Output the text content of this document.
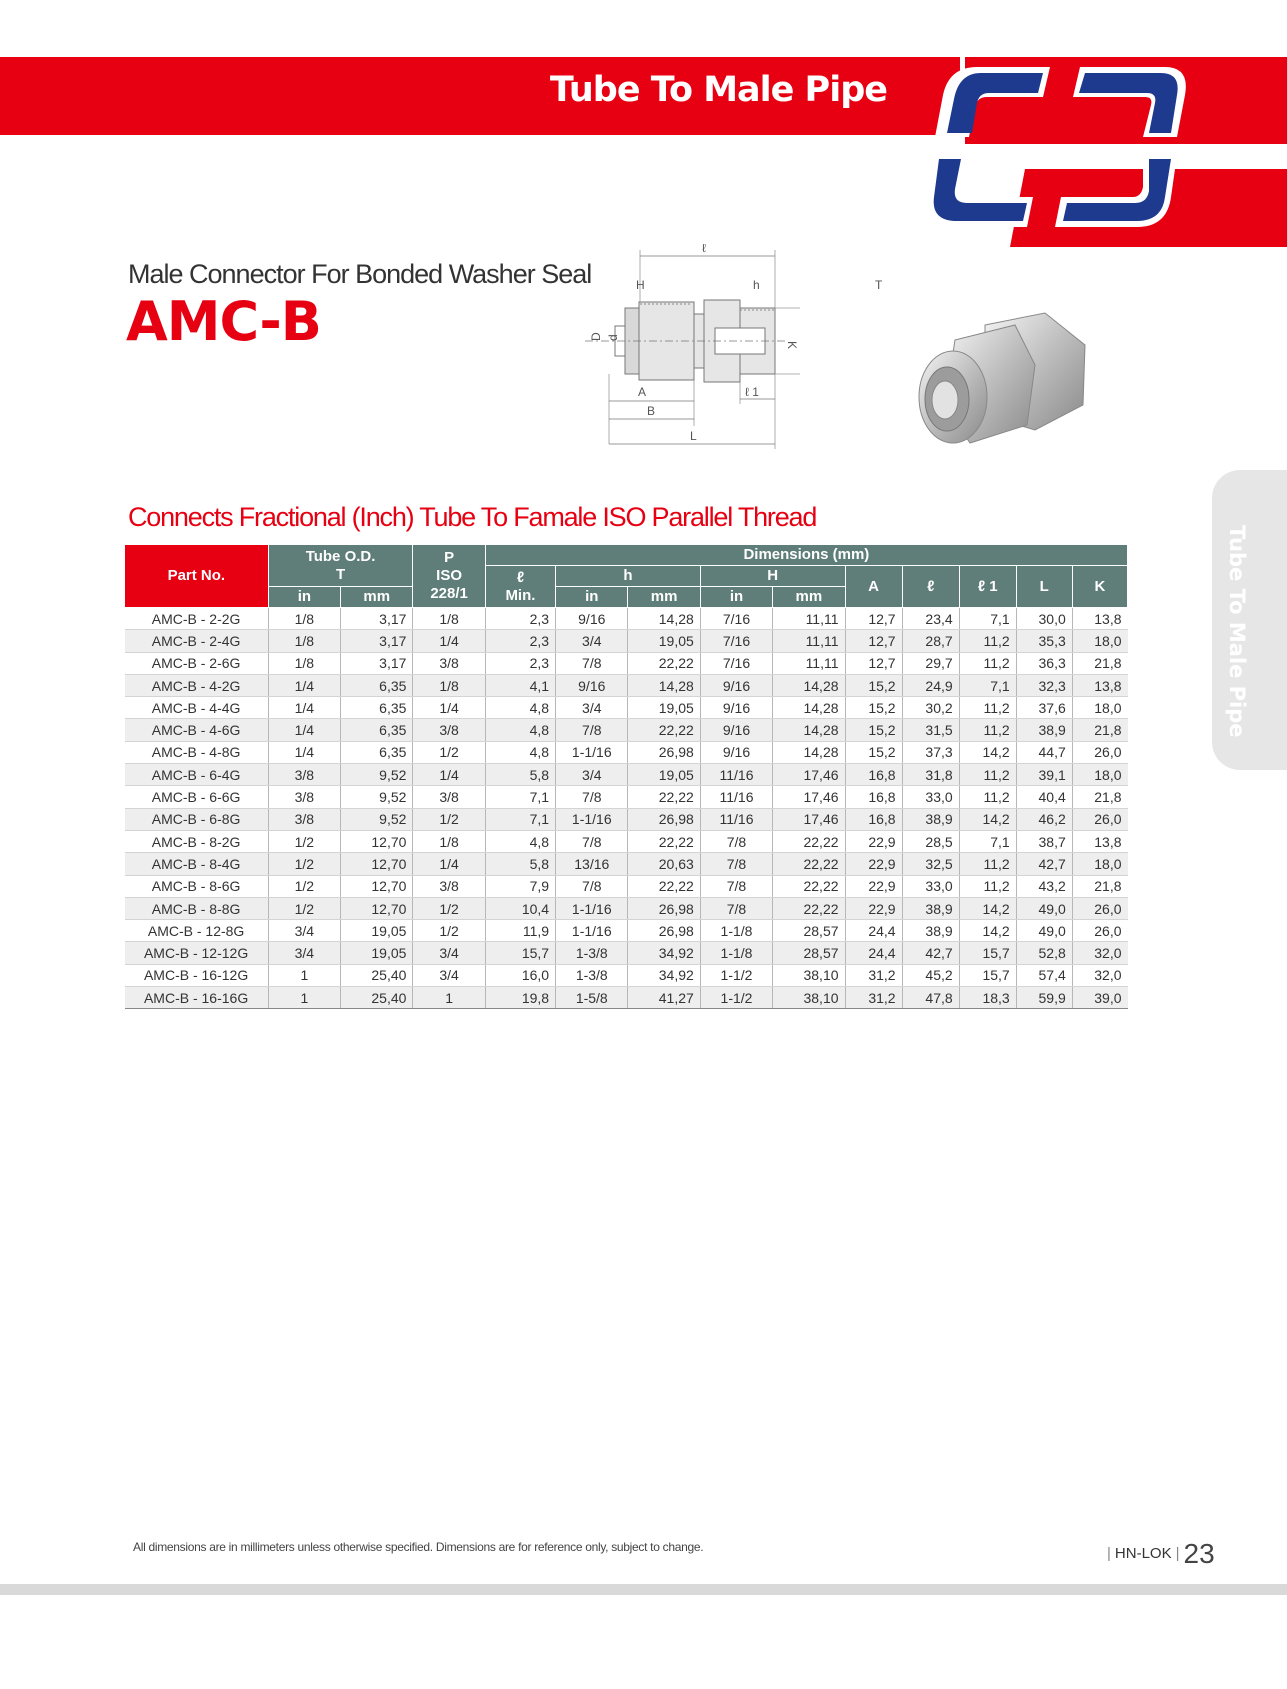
Tube To Male Pipe
Male Connector For Bonded Washer Seal
AMC-B
ℓ
H	h	T
D d
K
A	ℓ 1
B
L
Connects Fractional (Inch) Tube To Famale ISO Parallel Thread
Tube To Male Pipe
Part No.	Tube O.D.
T		P
ISO
228/1	Dimensions (mm)									
				ℓ
Min.	h		H		A	ℓ	ℓ 1	L	K
	in	mm			in	mm	in	mm					
AMC-B - 2-2G	1/8	3,17	1/8	2,3	9/16	14,28	7/16	11,11	12,7	23,4	7,1	30,0	13,8
AMC-B - 2-4G	1/8	3,17	1/4	2,3	3/4	19,05	7/16	11,11	12,7	28,7	11,2	35,3	18,0
AMC-B - 2-6G	1/8	3,17	3/8	2,3	7/8	22,22	7/16	11,11	12,7	29,7	11,2	36,3	21,8
AMC-B - 4-2G	1/4	6,35	1/8	4,1	9/16	14,28	9/16	14,28	15,2	24,9	7,1	32,3	13,8
AMC-B - 4-4G	1/4	6,35	1/4	4,8	3/4	19,05	9/16	14,28	15,2	30,2	11,2	37,6	18,0
AMC-B - 4-6G	1/4	6,35	3/8	4,8	7/8	22,22	9/16	14,28	15,2	31,5	11,2	38,9	21,8
AMC-B - 4-8G	1/4	6,35	1/2	4,8	1-1/16	26,98	9/16	14,28	15,2	37,3	14,2	44,7	26,0
AMC-B - 6-4G	3/8	9,52	1/4	5,8	3/4	19,05	11/16	17,46	16,8	31,8	11,2	39,1	18,0
AMC-B - 6-6G	3/8	9,52	3/8	7,1	7/8	22,22	11/16	17,46	16,8	33,0	11,2	40,4	21,8
AMC-B - 6-8G	3/8	9,52	1/2	7,1	1-1/16	26,98	11/16	17,46	16,8	38,9	14,2	46,2	26,0
AMC-B - 8-2G	1/2	12,70	1/8	4,8	7/8	22,22	7/8	22,22	22,9	28,5	7,1	38,7	13,8
AMC-B - 8-4G	1/2	12,70	1/4	5,8	13/16	20,63	7/8	22,22	22,9	32,5	11,2	42,7	18,0
AMC-B - 8-6G	1/2	12,70	3/8	7,9	7/8	22,22	7/8	22,22	22,9	33,0	11,2	43,2	21,8
AMC-B - 8-8G	1/2	12,70	1/2	10,4	1-1/16	26,98	7/8	22,22	22,9	38,9	14,2	49,0	26,0
AMC-B - 12-8G	3/4	19,05	1/2	11,9	1-1/16	26,98	1-1/8	28,57	24,4	38,9	14,2	49,0	26,0
AMC-B - 12-12G	3/4	19,05	3/4	15,7	1-3/8	34,92	1-1/8	28,57	24,4	42,7	15,7	52,8	32,0
AMC-B - 16-12G	1	25,40	3/4	16,0	1-3/8	34,92	1-1/2	38,10	31,2	45,2	15,7	57,4	32,0
AMC-B - 16-16G	1	25,40	1	19,8	1-5/8	41,27	1-1/2	38,10	31,2	47,8	18,3	59,9	39,0
All dimensions are in millimeters unless otherwise specified. Dimensions are for reference only, subject to change.	| HN-LOK | 23
